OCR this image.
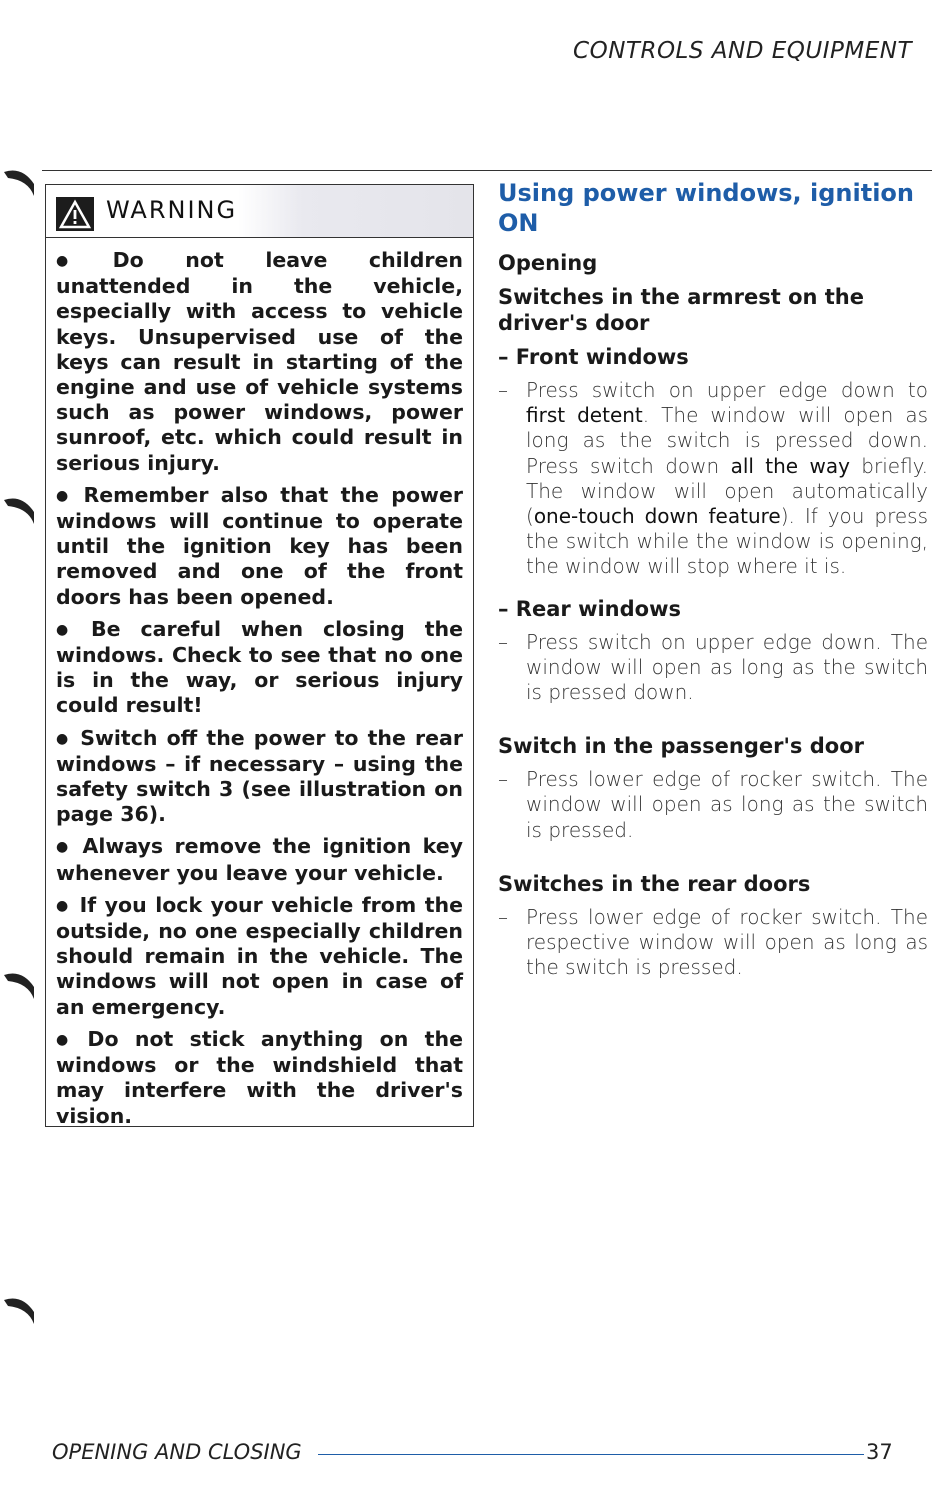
CONTROLS AND EQUIPMENT
WARNING
● Do not leave children unattended in the vehicle, especially with access to vehicle keys. Unsupervised use of the keys can result in starting of the engine and use of vehicle systems such as power windows, power sunroof, etc. which could result in serious injury.
● Remember also that the power windows will continue to operate until the ignition key has been removed and one of the front doors has been opened.
● Be careful when closing the windows. Check to see that no one is in the way, or serious injury could result!
● Switch off the power to the rear windows – if necessary – using the safety switch 3 (see illustration on page 36).
● Always remove the ignition key whenever you leave your vehicle.
● If you lock your vehicle from the outside, no one especially children should remain in the vehicle. The windows will not open in case of an emergency.
● Do not stick anything on the windows or the windshield that may interfere with the driver's vision.
Using power windows, ignition ON
Opening
Switches in the armrest on the driver's door
– Front windows
– Press switch on upper edge down to first detent. The window will open as long as the switch is pressed down. Press switch down all the way briefly. The window will open automatically (one-touch down feature). If you press the switch while the window is opening, the window will stop where it is.
– Rear windows
– Press switch on upper edge down. The window will open as long as the switch is pressed down.
Switch in the passenger's door
– Press lower edge of rocker switch. The window will open as long as the switch is pressed.
Switches in the rear doors
– Press lower edge of rocker switch. The respective window will open as long as the switch is pressed.
OPENING AND CLOSING	37
